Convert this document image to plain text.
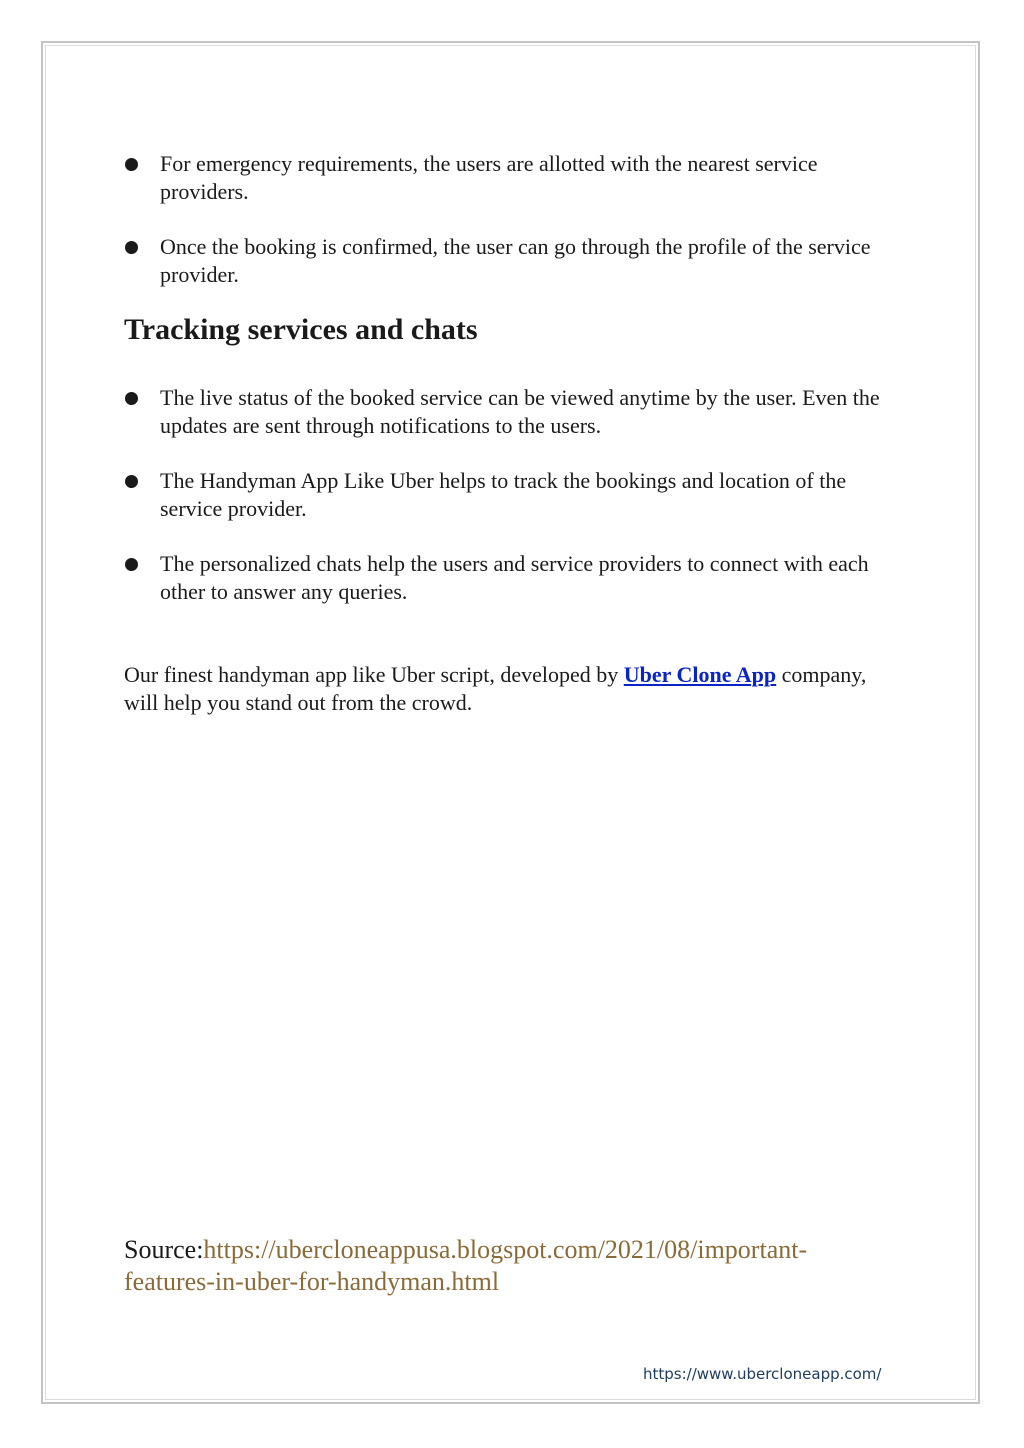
For emergency requirements, the users are allotted with the nearest service providers.
Once the booking is confirmed, the user can go through the profile of the service provider.
Tracking services and chats
The live status of the booked service can be viewed anytime by the user. Even the updates are sent through notifications to the users.
The Handyman App Like Uber helps to track the bookings and location of the service provider.
The personalized chats help the users and service providers to connect with each other to answer any queries.

Our finest handyman app like Uber script, developed by Uber Clone App company, will help you stand out from the crowd.

Source:https://ubercloneappusa.blogspot.com/2021/08/important-features-in-uber-for-handyman.html
https://www.ubercloneapp.com/
